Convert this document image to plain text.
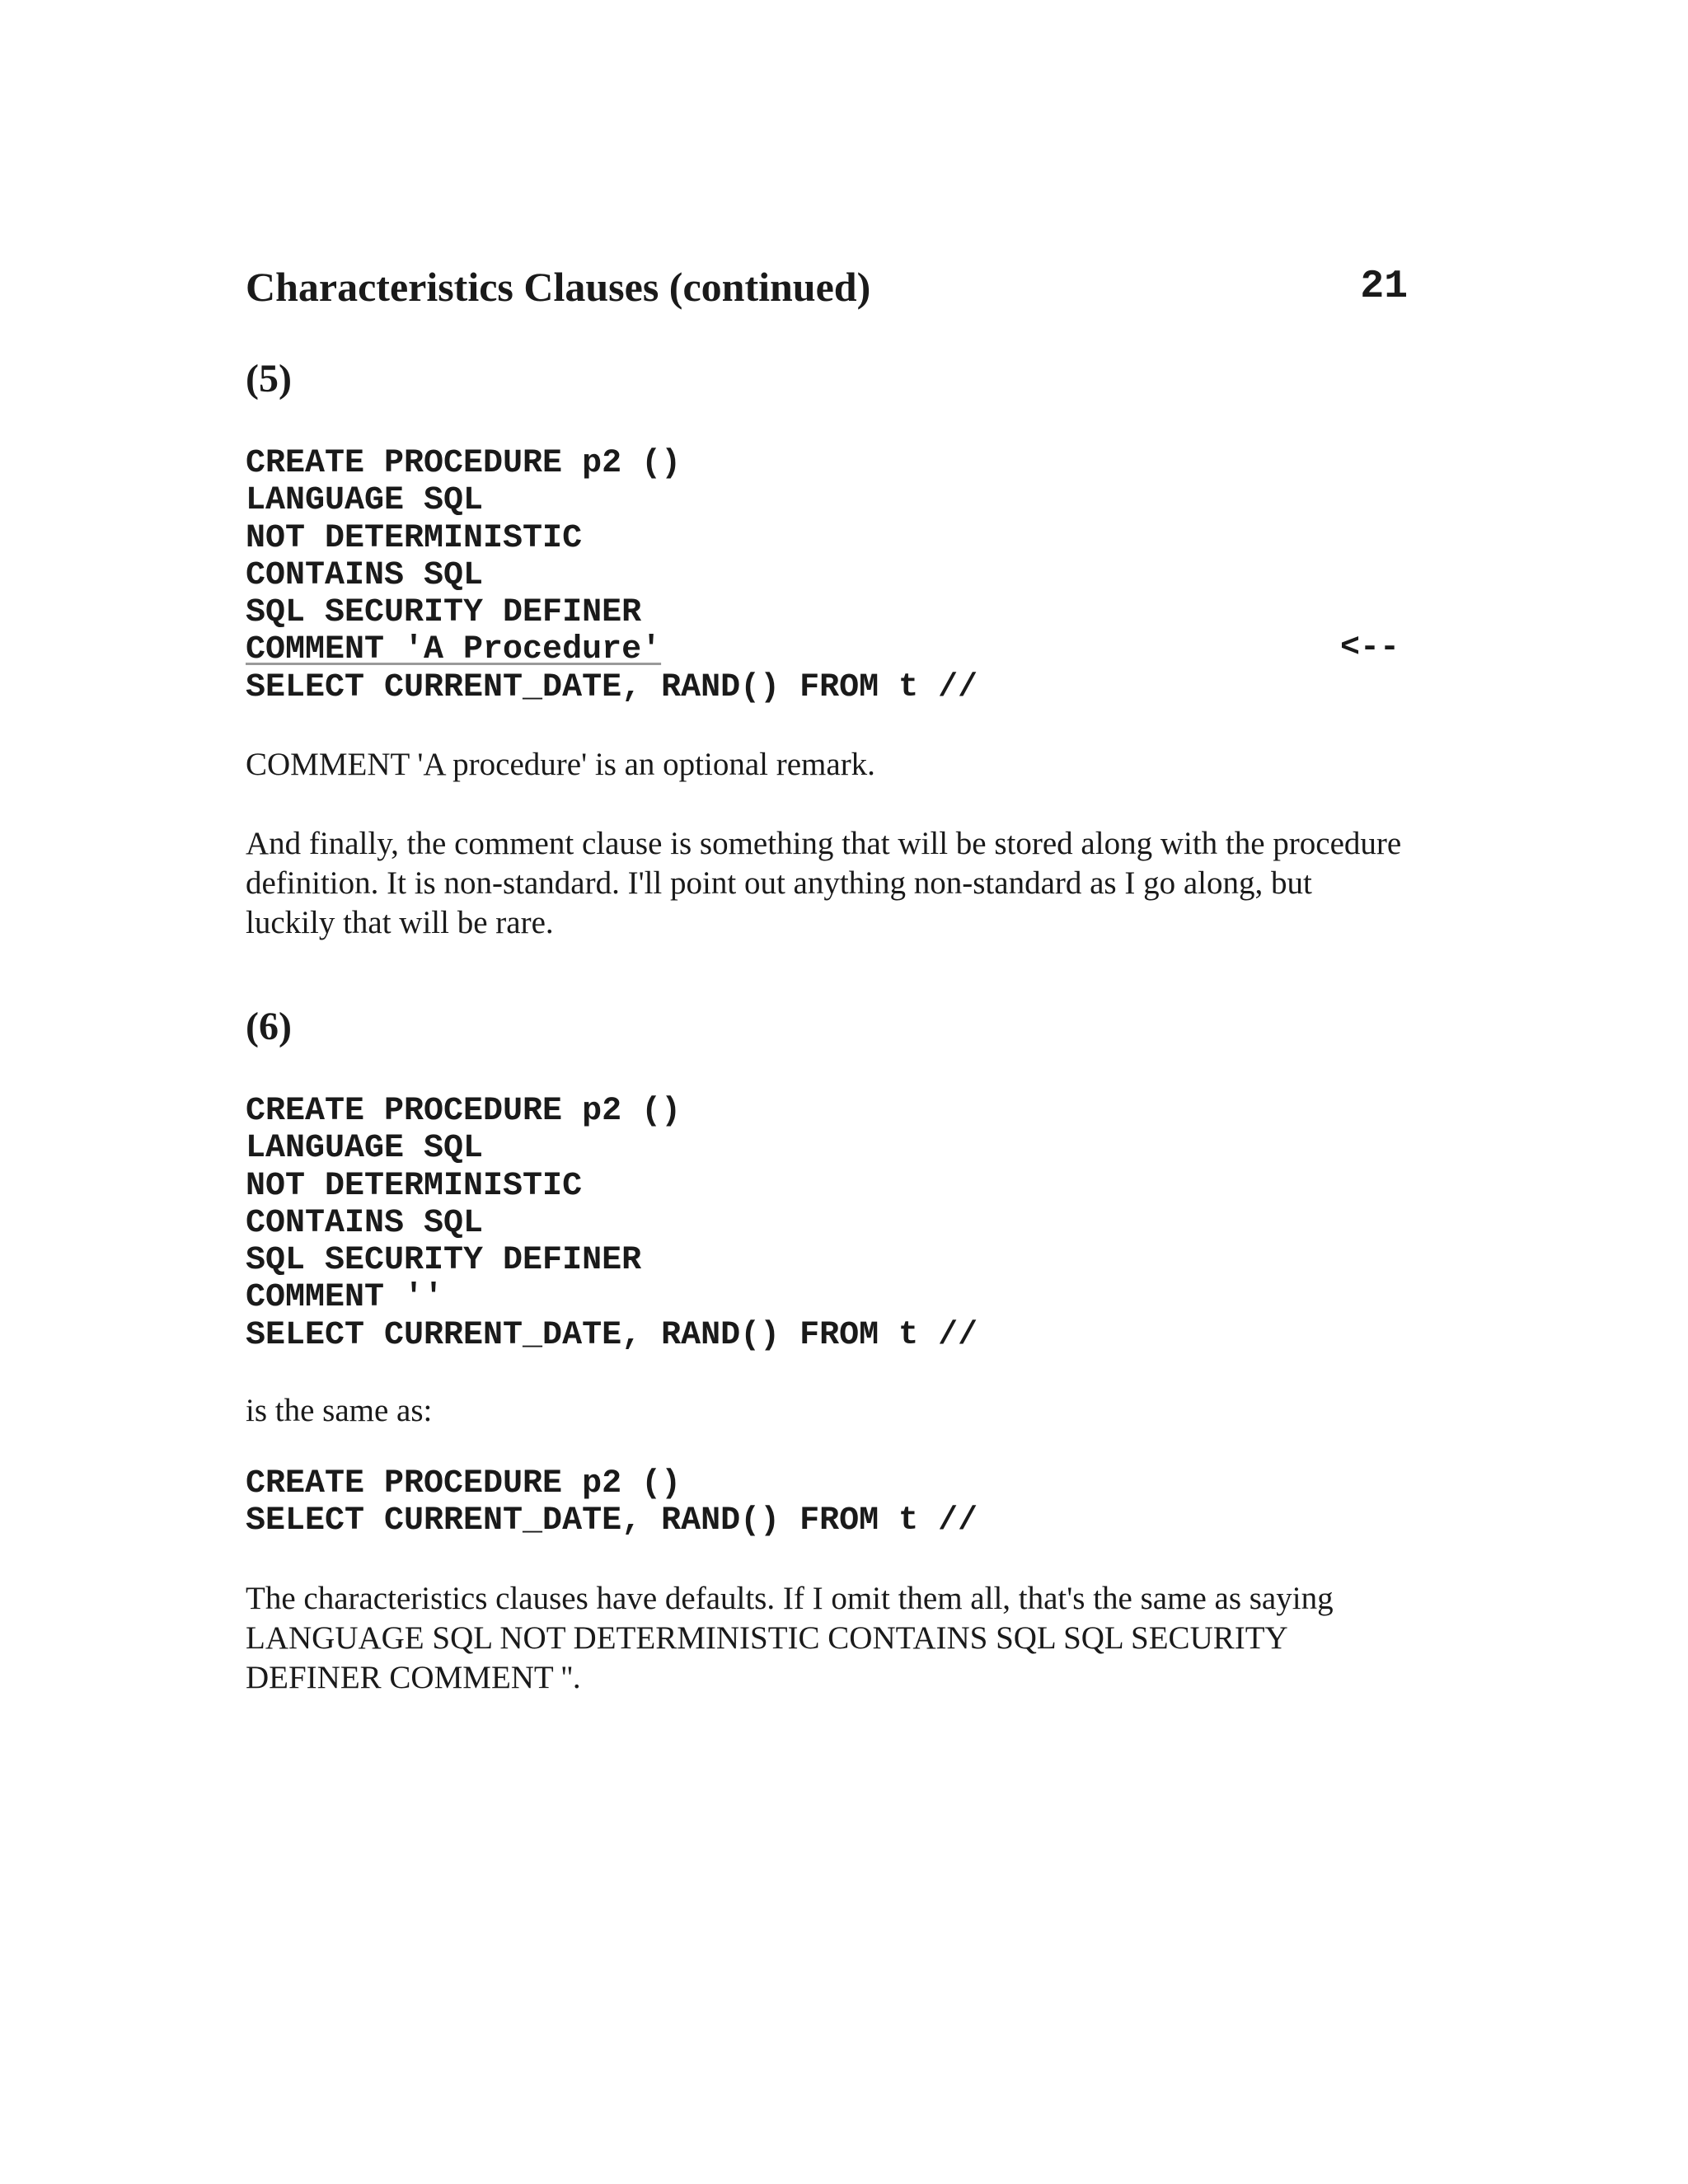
Characteristics Clauses (continued)	21
(5)
CREATE PROCEDURE p2 ()
LANGUAGE SQL
NOT DETERMINISTIC
CONTAINS SQL
SQL SECURITY DEFINER
COMMENT 'A Procedure'
SELECT CURRENT_DATE, RAND() FROM t //
<--

COMMENT 'A procedure' is an optional remark.

And finally, the comment clause is something that will be stored along with the procedure
definition. It is non-standard. I'll point out anything non-standard as I go along, but
luckily that will be rare.

(6)
CREATE PROCEDURE p2 ()
LANGUAGE SQL
NOT DETERMINISTIC
CONTAINS SQL
SQL SECURITY DEFINER
COMMENT ''
SELECT CURRENT_DATE, RAND() FROM t //

is the same as:

CREATE PROCEDURE p2 ()
SELECT CURRENT_DATE, RAND() FROM t //

The characteristics clauses have defaults. If I omit them all, that's the same as saying
LANGUAGE SQL NOT DETERMINISTIC CONTAINS SQL SQL SECURITY
DEFINER COMMENT ''.
